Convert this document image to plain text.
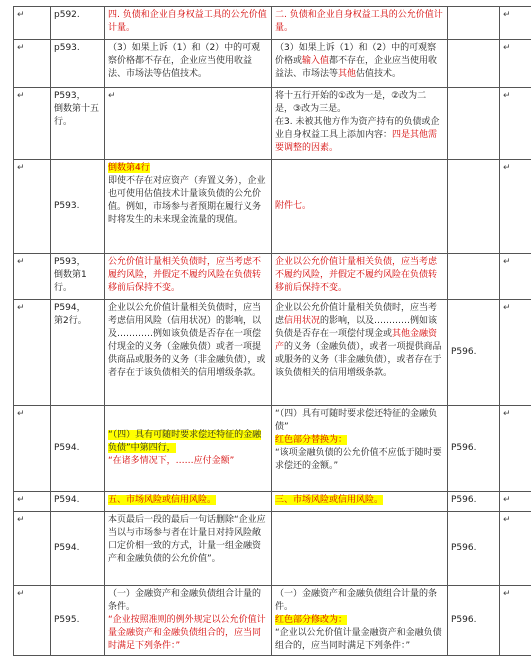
↵	p592.	四. 负债和企业自身权益工具的公允价值计量。	二. 负债和企业自身权益工具的公允价值计量。		↵
↵	p593.	（3）如果上诉（1）和（2）中的可观察价格都不存在，企业应当使用收益法、市场法等估值技术。	（3）如果上诉（1）和（2）中的可观察价格或输入值都不存在，企业应当使用收益法、市场法等其他估值技术。		↵
↵	P593，
倒数第十五行。	↵	将十五行开始的①改为一是，②改为二是，③改为三是。
在3. 未被其他方作为资产持有的负债或企业自身权益工具上添加内容：四是其他需要调整的因素。		↵
↵	P593.	倒数第4行
即使不存在对应资产（弃置义务），企业也可使用估值技术计量该负债的公允价值。例如，市场参与者预期在履行义务时将发生的未来现金流量的现值。	附件七。		↵
↵	P593，
倒数第1行。	公允价值计量相关负债时，应当考虑不履约风险，并假定不履约风险在负债转移前后保持不变。	企业以公允价值计量相关负债，应当考虑不履约风险，并假定不履约风险在负债转移前后保持不变。		↵
↵	P594，
第2行。	企业以公允价值计量相关负债时，应当考虑信用风险（信用状况）的影响，以及…………例如该负债是否存在一项偿付现金的义务（金融负债）或者一项提供商品或服务的义务（非金融负债），或者存在于该负债相关的信用增级条款。	企业以公允价值计量相关负债时，应当考虑信用状况的影响，以及…………例如该负债是否存在一项偿付现金或其他金融资产的义务（金融负债），或者一项提供商品或服务的义务（非金融负债），或者存在于该负债相关的信用增级条款。	P596.	↵
↵	P594.	“（四）具有可随时要求偿还特征的金融负债”中第四行，
“在诸多情况下，……应付金额”	“（四）具有可随时要求偿还特征的金融负债”
红色部分替换为：
“该项金融负债的公允价值不应低于随时要求偿还的金额。”	P596.	↵
↵	P594.	五、市场风险或信用风险。	三、市场风险或信用风险。	P596.	↵
↵	P594.	本页最后一段的最后一句话删除“企业应当以与市场参与者在计量日对持风险敞口定价相一致的方式，计量一组金融资产和金融负债的公允价值”。		P596.	↵
↵	P595.	（一）金融资产和金融负债组合计量的条件。
“企业按照准则的例外规定以公允价值计量金融资产和金融负债组合的，应当同时满足下列条件：”	（一）金融资产和金融负债组合计量的条件。
红色部分修改为：
“企业以公允价值计量金融资产和金融负债组合的，应当同时满足下列条件：”	P596.	↵
